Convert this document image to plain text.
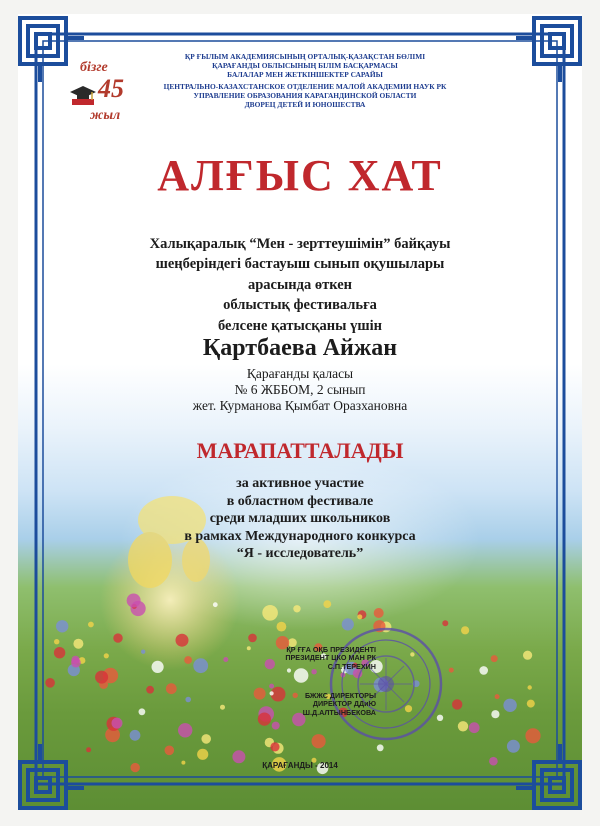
ҚР ҒЫЛЫМ АКАДЕМИЯСЫНЫҢ ОРТАЛЫҚ-ҚАЗАҚСТАН БӨЛІМІ
ҚАРАҒАНДЫ ОБЛЫСЫНЫҢ БІЛІМ БАСҚАРМАСЫ
БАЛАЛАР МЕН ЖЕТКІНШЕКТЕР САРАЙЫ
ЦЕНТРАЛЬНО-КАЗАХСТАНСКОЕ ОТДЕЛЕНИЕ МАЛОЙ АКАДЕМИИ НАУК РК
УПРАВЛЕНИЕ ОБРАЗОВАНИЯ КАРАГАНДИНСКОЙ ОБЛАСТИ
ДВОРЕЦ ДЕТЕЙ И ЮНОШЕСТВА
бізге
45
жыл
АЛҒЫС ХАТ
Халықаралық “Мен - зерттеушімін” байқауы
шеңберіндегі бастауыш сынып оқушылары
арасында өткен
облыстық фестивальға
белсене қатысқаны үшін
Қартбаева Айжан
Қарағанды қаласы
№ 6 ЖББОМ, 2 сынып
жет. Курманова Қымбат Оразхановна
МАРАПАТТАЛАДЫ
за активное участие
в областном фестивале
среди младших школьников
в рамках Международного конкурса
“Я - исследователь”
ҚР ҒҒА ОҚБ ПРЕЗИДЕНТІ
ПРЕЗИДЕНТ ЦКО МАН РК
С.П.ТЕРЕХИН
БЖЖС ДИРЕКТОРЫ
ДИРЕКТОР ДДиЮ
Ш.Д.АЛТЫНБЕКОВА
ҚАРАҒАНДЫ - 2014
